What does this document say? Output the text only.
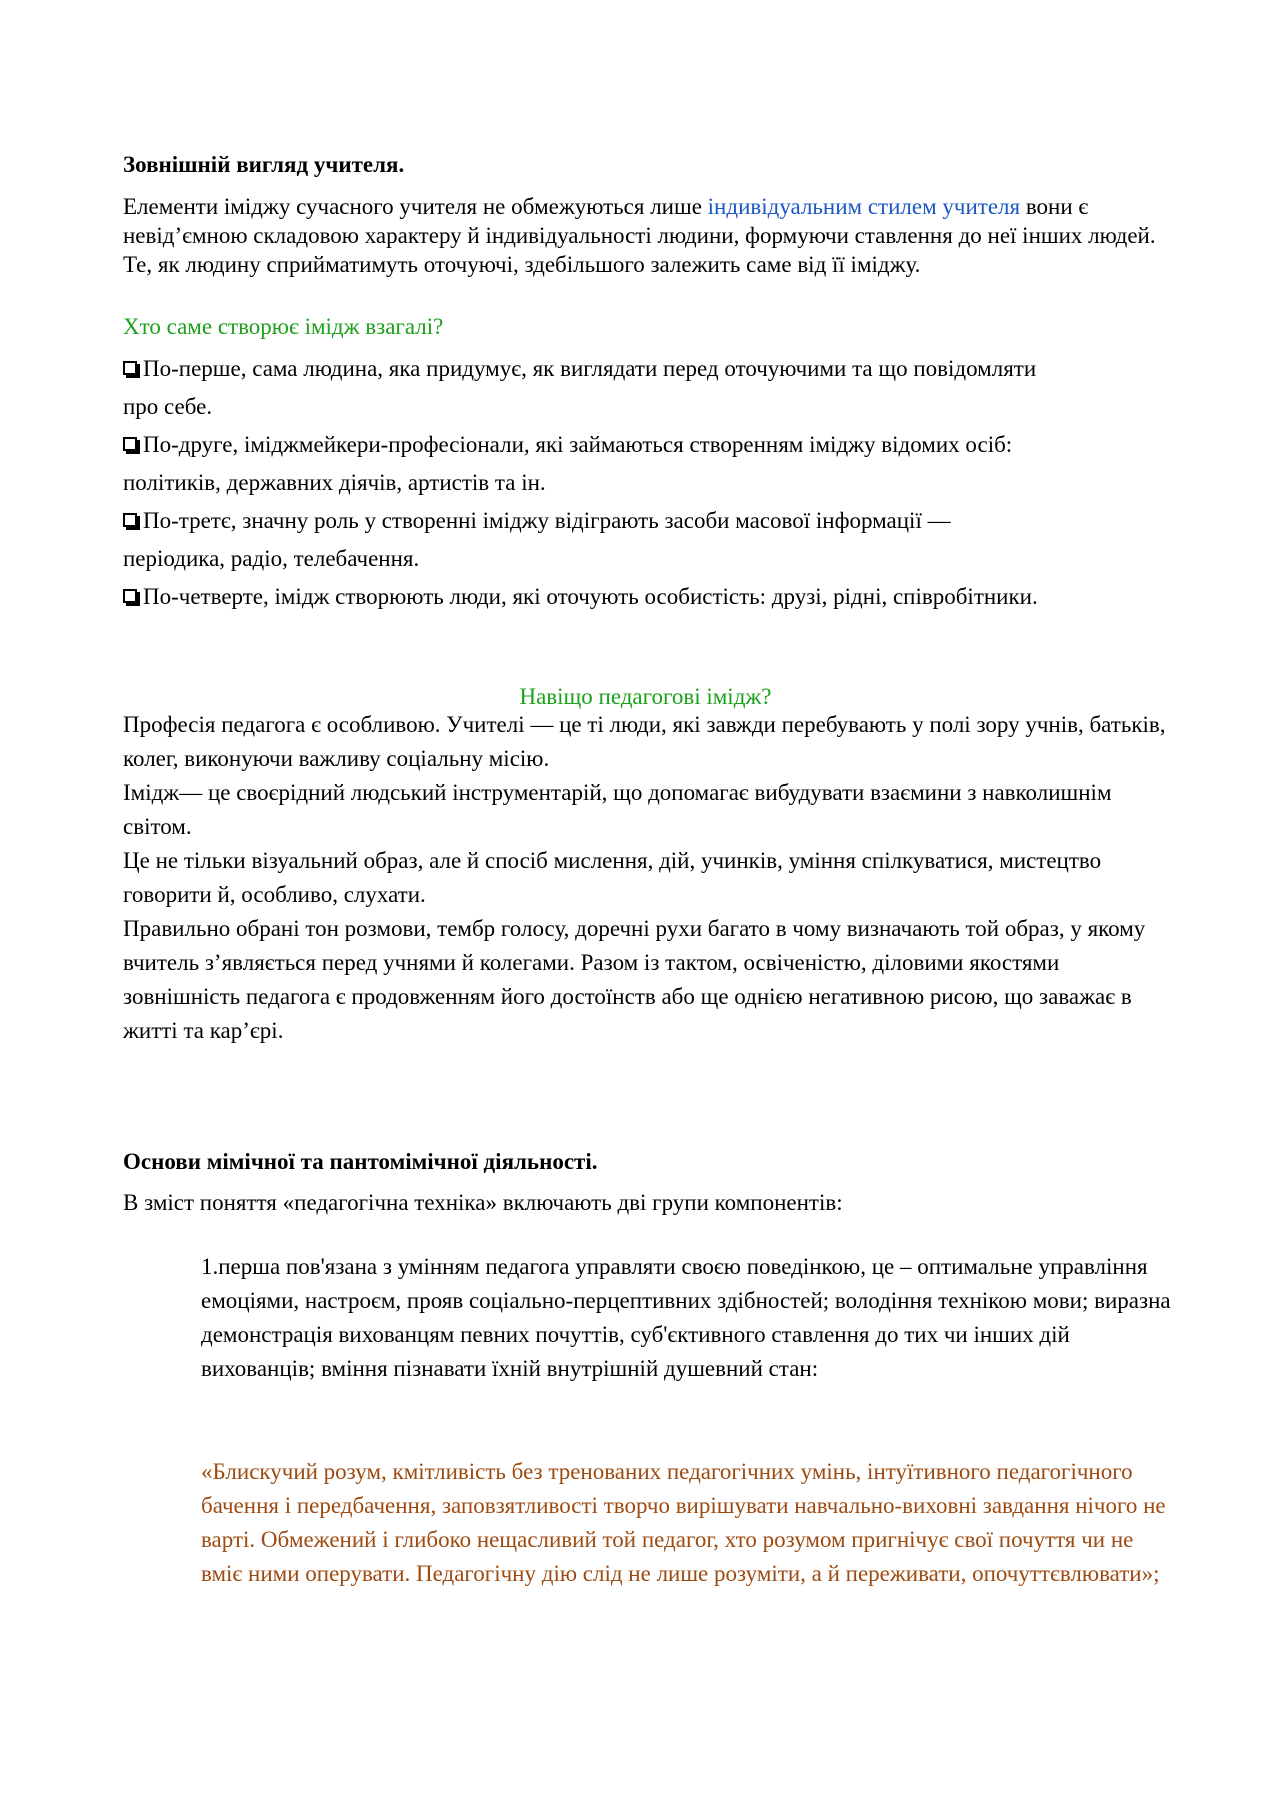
Зовнішній вигляд учителя.

Елементи іміджу сучасного учителя не обмежуються лише індивідуальним стилем учителя вони є невід’ємною складовою характеру й індивідуальності людини, формуючи ставлення до неї інших людей. Те, як людину сприйматимуть оточуючі, здебільшого залежить саме від її іміджу.

Хто саме створює імідж взагалі?

По-перше, сама людина, яка придумує, як виглядати перед оточуючими та що повідомляти
про себе.
По-друге, іміджмейкери-професіонали, які займаються створенням іміджу відомих осіб:
політиків, державних діячів, артистів та ін.
По-третє, значну роль у створенні іміджу відіграють засоби масової інформації —
періодика, радіо, телебачення.
По-четверте, імідж створюють люди, які оточують особистість: друзі, рідні, співробітники.

Навіщо педагогові імідж?

Професія педагога є особливою. Учителі — це ті люди, які завжди перебувають у полі зору учнів, батьків, колег, виконуючи важливу соціальну місію.
Імідж— це своєрідний людський інструментарій, що допомагає вибудувати взаємини з навколишнім світом.
Це не тільки візуальний образ, але й спосіб мислення, дій, учинків, уміння спілкуватися, мистецтво говорити й, особливо, слухати.
Правильно обрані тон розмови, тембр голосу, доречні рухи багато в чому визначають той образ, у якому вчитель з’являється перед учнями й колегами. Разом із тактом, освіченістю, діловими якостями зовнішність педагога є продовженням його достоїнств або ще однією негативною рисою, що заважає в житті та кар’єрі.

Основи мімічної та пантомімічної діяльності.

В зміст поняття «педагогічна техніка» включають дві групи компонентів:

1.перша пов'язана з умінням педагога управляти своєю поведінкою, це – оптимальне управління емоціями, настроєм, прояв соціально-перцептивних здібностей; володіння технікою мови; виразна демонстрація вихованцям певних почуттів, суб'єктивного ставлення до тих чи інших дій вихованців; вміння пізнавати їхній внутрішній душевний стан:

«Блискучий розум, кмітливість без тренованих педагогічних умінь, інтуїтивного педагогічного бачення і передбачення, заповзятливості творчо вирішувати навчально-виховні завдання нічого не варті. Обмежений і глибоко нещасливий той педагог, хто розумом пригнічує свої почуття чи не вміє ними оперувати. Педагогічну дію слід не лише розуміти, а й переживати, опочуттєвлювати»;
